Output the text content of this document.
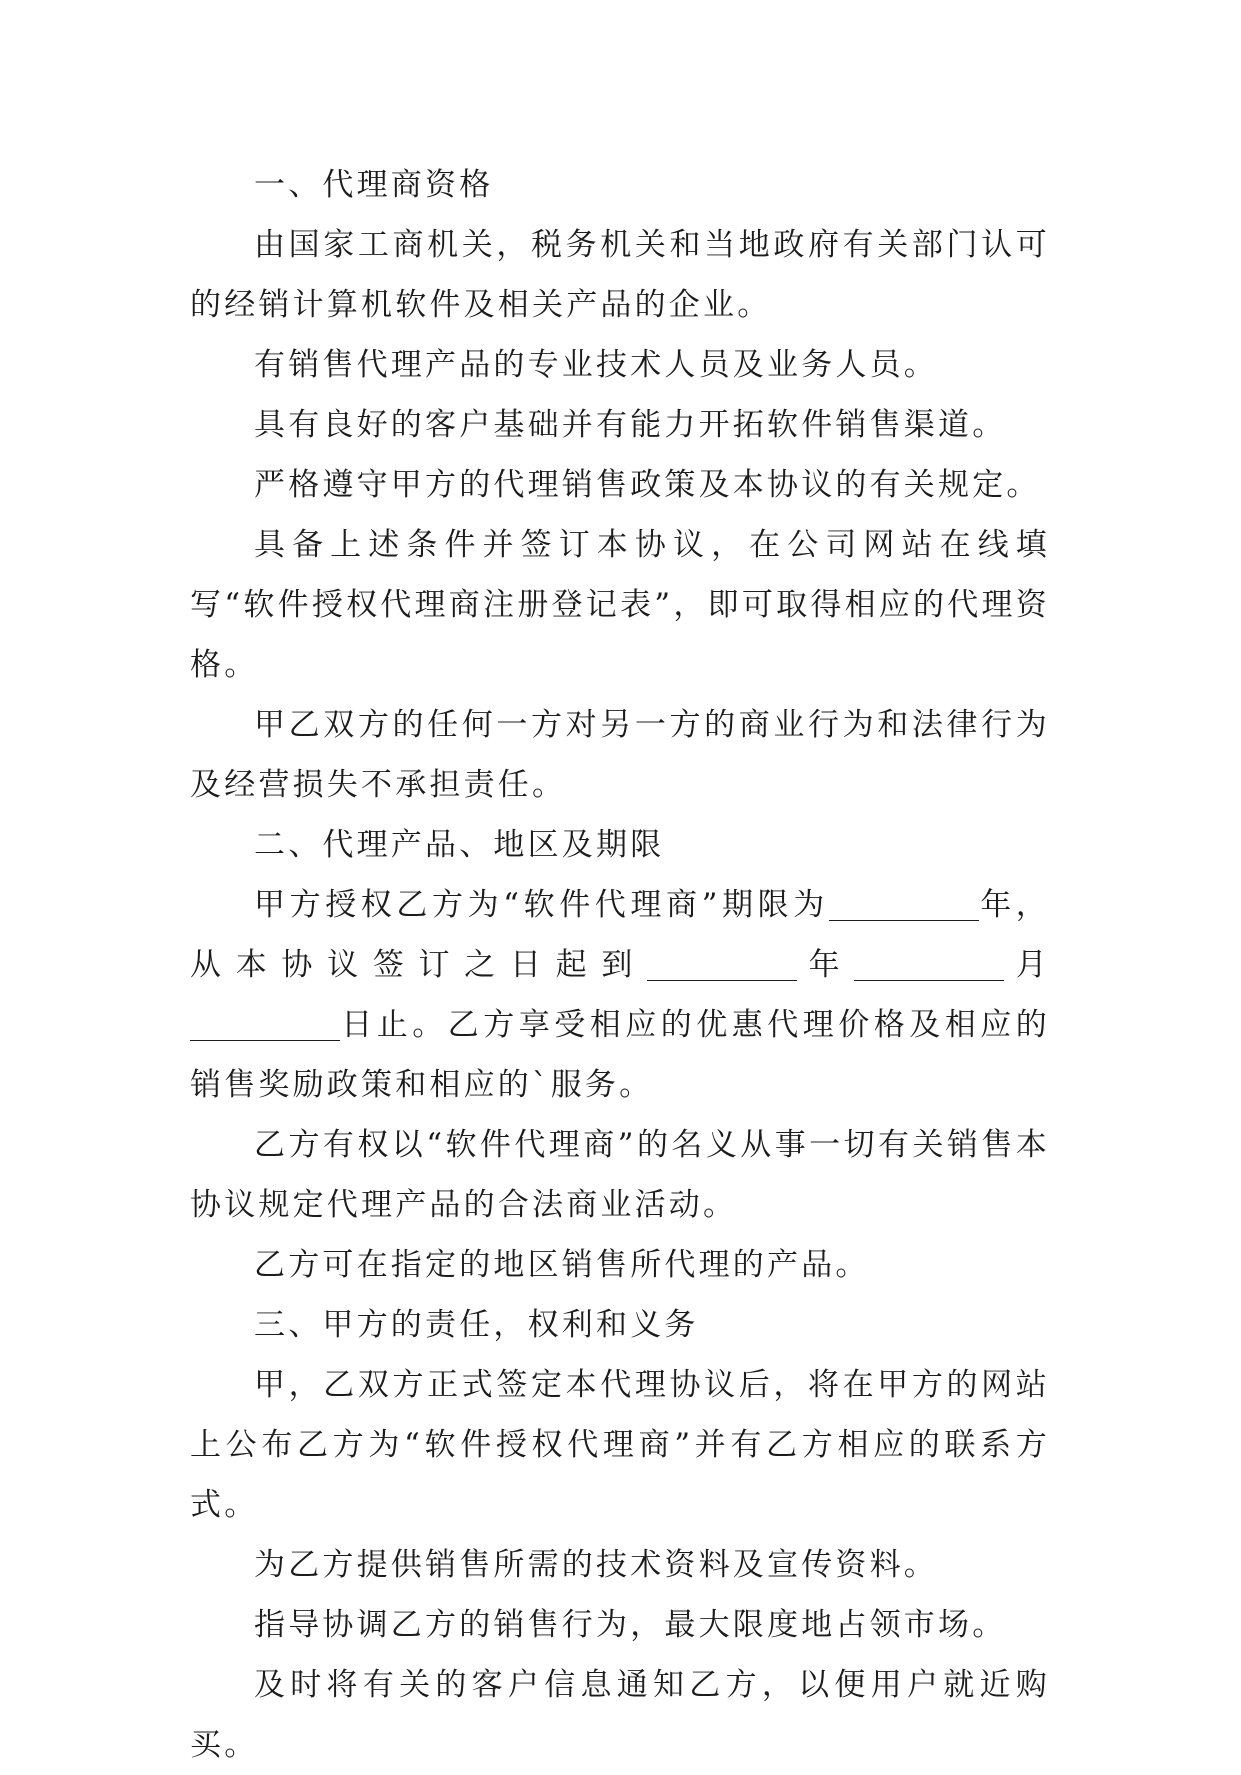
一、代理商资格

由国家工商机关，税务机关和当地政府有关部门认可的经销计算机软件及相关产品的企业。

有销售代理产品的专业技术人员及业务人员。

具有良好的客户基础并有能力开拓软件销售渠道。

严格遵守甲方的代理销售政策及本协议的有关规定。

具备上述条件并签订本协议，在公司网站在线填写“软件授权代理商注册登记表”，即可取得相应的代理资格。

甲乙双方的任何一方对另一方的商业行为和法律行为及经营损失不承担责任。

二、代理产品、地区及期限

甲方授权乙方为“软件代理商”期限为	年，从本协议签订之日起到	年	月日止。乙方享受相应的优惠代理价格及相应的销售奖励政策和相应的`服务。

乙方有权以“软件代理商”的名义从事一切有关销售本协议规定代理产品的合法商业活动。

乙方可在指定的地区销售所代理的产品。

三、甲方的责任，权利和义务

甲，乙双方正式签定本代理协议后，将在甲方的网站上公布乙方为“软件授权代理商”并有乙方相应的联系方式。

为乙方提供销售所需的技术资料及宣传资料。

指导协调乙方的销售行为，最大限度地占领市场。

及时将有关的客户信息通知乙方，以便用户就近购买。
